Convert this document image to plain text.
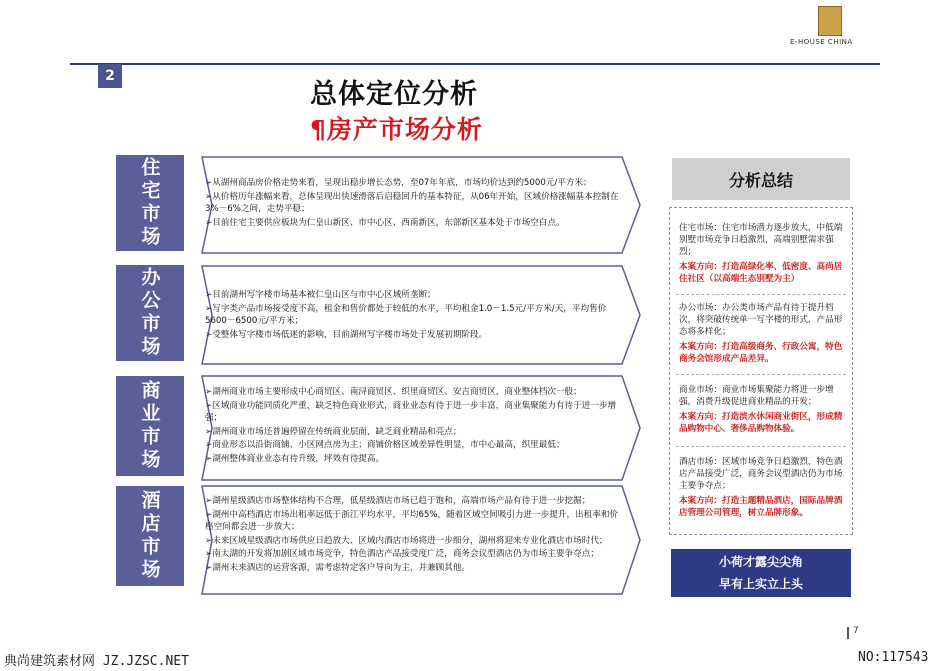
E-HOUSE CHINA
2
总体定位分析
¶房产市场分析
住宅市场	➢从湖州商品房价格走势来看，呈现出稳步增长态势，至07年年底，市场均价达到约5000元/平方米；

➢从价格历年涨幅来看，总体呈现出快速滑落后启稳回升的基本特征，从06年开始，区域价格涨幅基本控制在3%－6%之间，走势平稳；

➢目前住宅主要供应板块为仁皇山新区、市中心区、西南新区，东部新区基本处于市场空白点。

办公市场	➢目前湖州写字楼市场基本被仁皇山区与市中心区域所垄断；

➢写字类产品市场接受度不高，租金和售价都处于较低的水平，平均租金1.0－1.5元/平方米/天，平均售价5600－6500元/平方米；

➢受整体写字楼市场低迷的影响，目前湖州写字楼市场处于发展初期阶段。

商业市场	➢湖州商业市场主要形成中心商贸区、南浔商贸区、织里商贸区、安吉商贸区，商业整体档次一般；

➢区域商业功能同质化严重，缺乏特色商业形式，商业业态有待于进一步丰富，商业集聚能力有待于进一步增强；

➢湖州商业市场还普遍停留在传统商业层面，缺乏商业精品和亮点；

➢商业形态以沿街商铺、小区网点房为主；商铺价格区域差异性明显，市中心最高，织里最低；

➢湖州整体商业业态有待升级，坪效有待提高。

酒店市场	➢湖州星级酒店市场整体结构不合理，低星级酒店市场已趋于饱和，高端市场产品有待于进一步挖掘；

➢湖州中高档酒店市场出租率远低于浙江平均水平，平均65%，随着区域空间吸引力进一步提升，出租率和价格空间都会进一步放大；

➢未来区域星级酒店市场供应日趋放大、区域内酒店市场将进一步细分，湖州将迎来专业化酒店市场时代；

➢南太湖的开发将加剧区域市场竞争，特色酒店产品接受度广泛，商务会议型酒店仍为市场主要争夺点；

➢湖州未来酒店的运营客源，需考虑特定客户导向为主，并兼顾其他。

分析总结
住宅市场：住宅市场潜力逐步放大，中低端别墅市场竞争日趋激烈，高端别墅需求强烈；
本案方向：打造高绿化率、低密度、高尚居住社区（以高端生态别墅为主）
办公市场：办公类市场产品有待于提升档次，将突破传统单一写字楼的形式，产品形态将多样化；
本案方向：打造高级商务、行政公寓，特色商务会馆形成产品差异。
商业市场：商业市场集聚能力将进一步增强，消费升级促进商业精品的开发；
本案方向：打造滨水休闲商业街区，形成精品购物中心、奢侈品购物体验。
酒店市场：区域市场竞争日趋激烈，特色酒店产品接受广泛，商务会议型酒店仍为市场主要争夺点；
本案方向：打造主题精品酒店，国际品牌酒店管理公司管理，树立品牌形象。
小荷才露尖尖角
早有上实立上头
7
典尚建筑素材网 JZ.JZSC.NET	NO:117543
